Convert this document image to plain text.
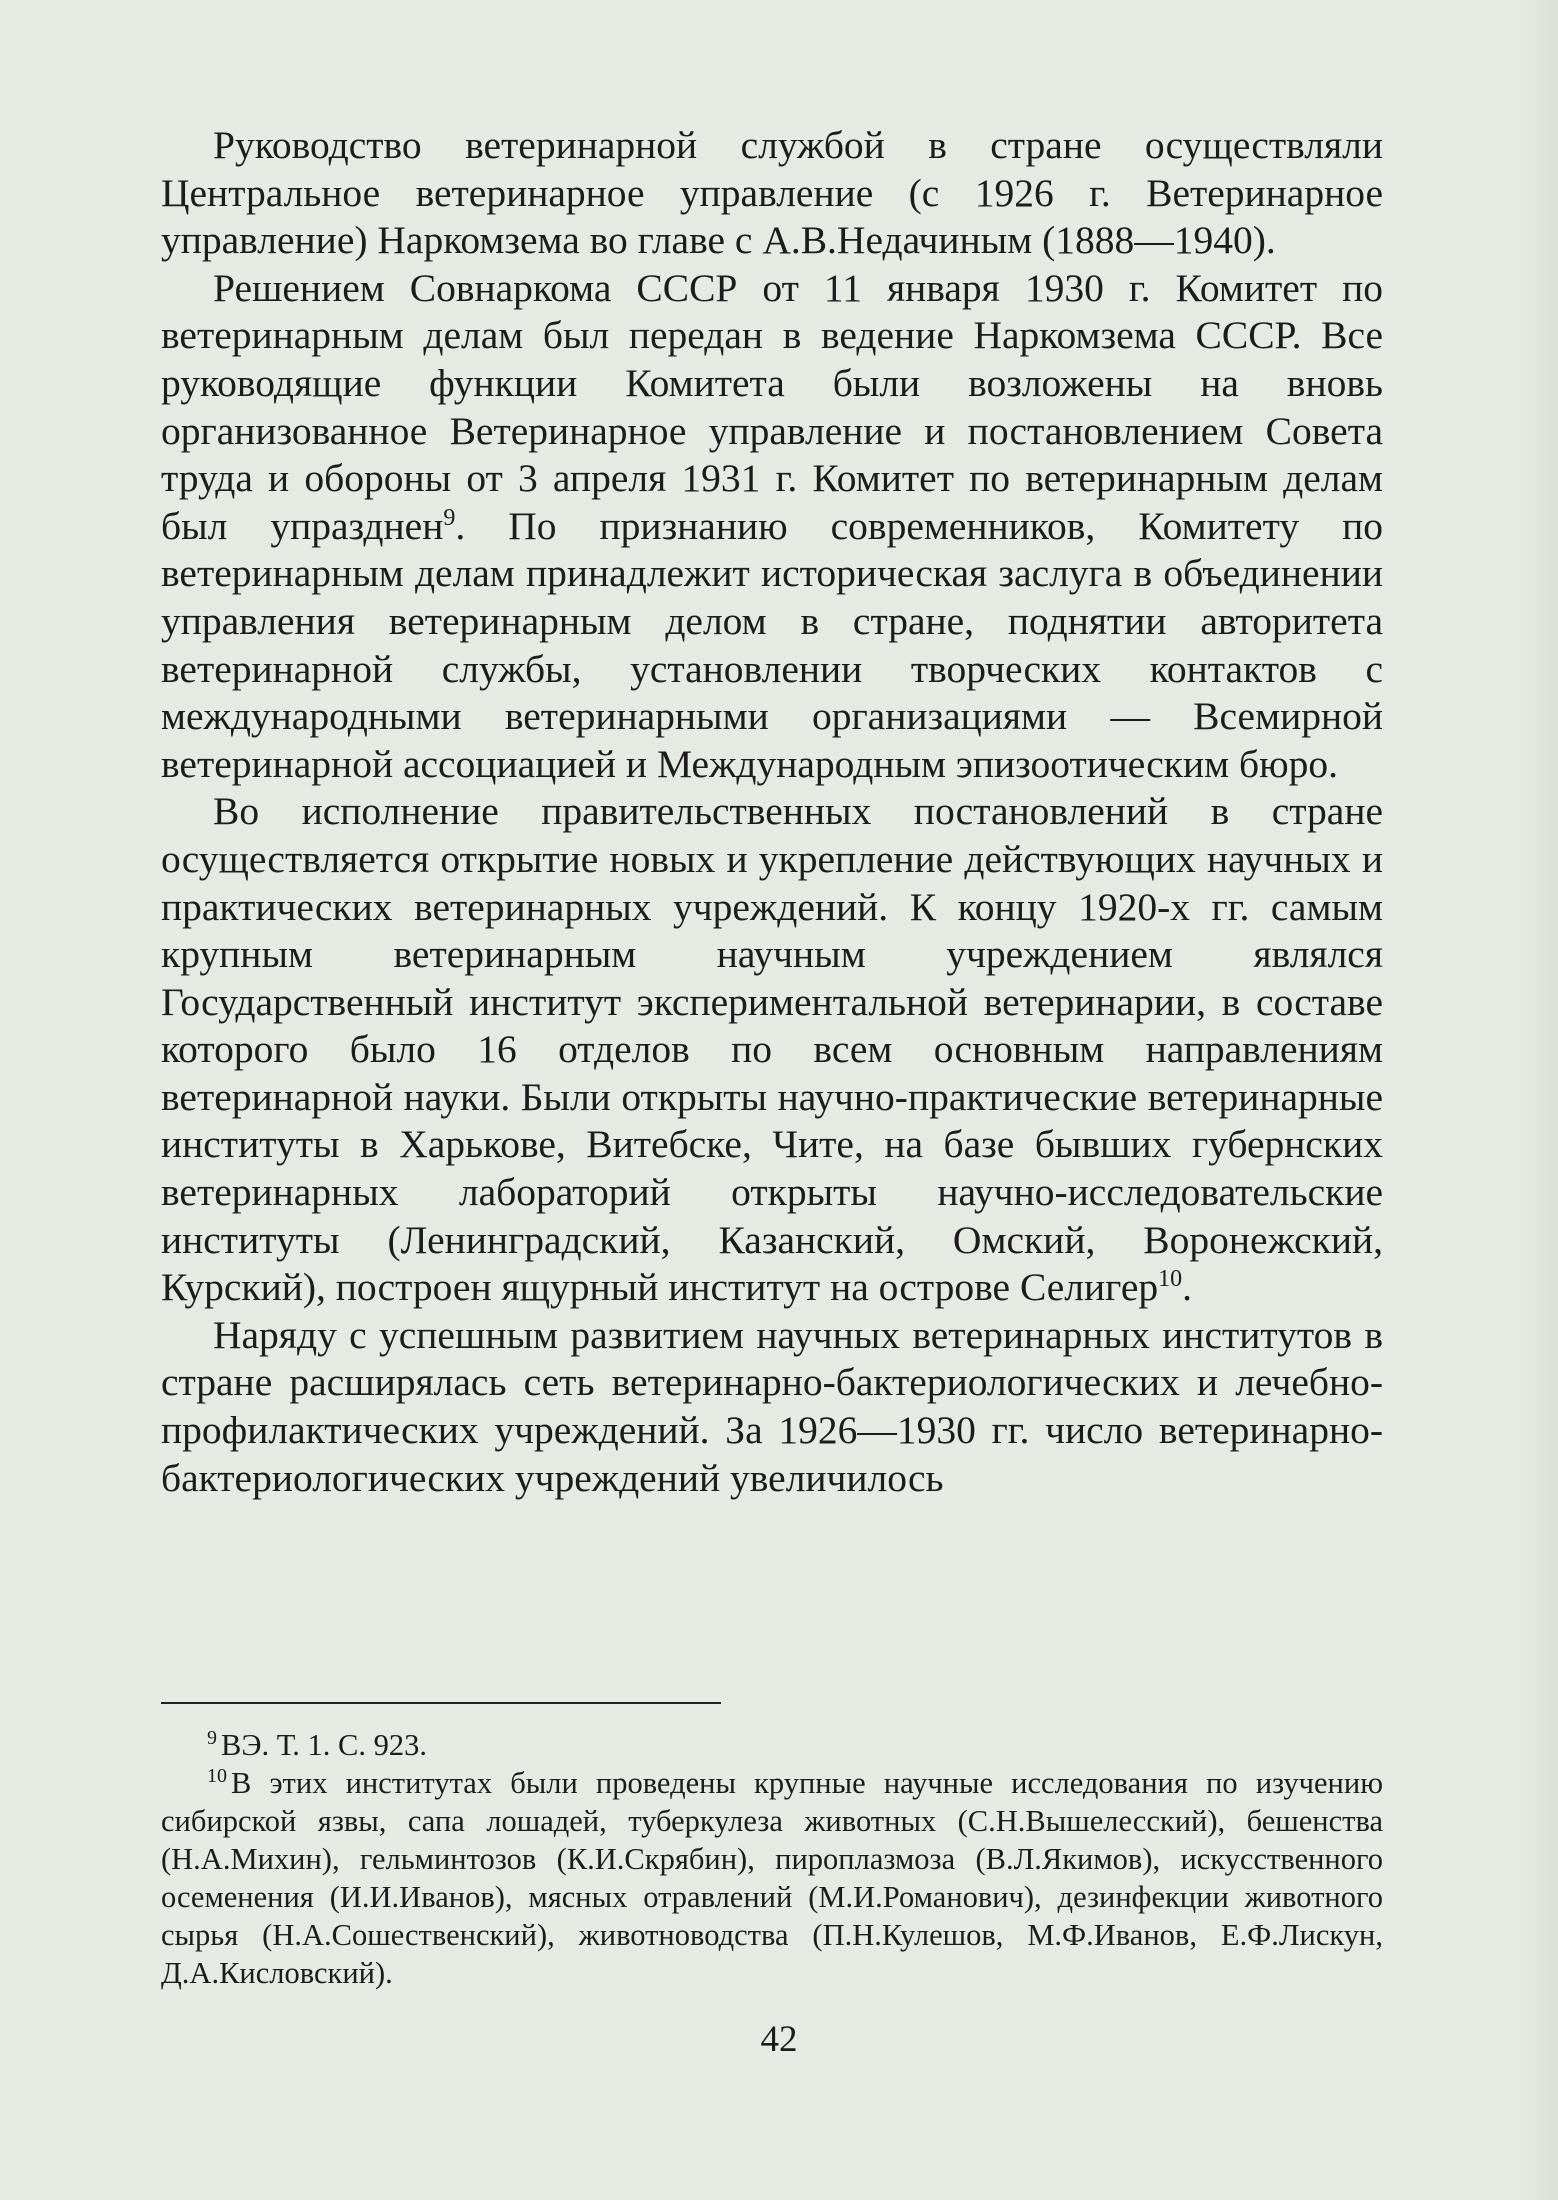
Руководство ветеринарной службой в стране осуществляли Центральное ветеринарное управление (с 1926 г. Ветеринарное управление) Наркомзема во главе с А.В.Недачиным (1888—1940).

Решением Совнаркома СССР от 11 января 1930 г. Комитет по ветеринарным делам был передан в ведение Наркомзема СССР. Все руководящие функции Комитета были возложены на вновь организованное Ветеринарное управление и постановлением Совета труда и обороны от 3 апреля 1931 г. Комитет по ветеринарным делам был упразднен$^9$. По признанию современников, Комитету по ветеринарным делам принадлежит историческая заслуга в объединении управления ветеринарным делом в стране, поднятии авторитета ветеринарной службы, установлении творческих контактов с международными ветеринарными организациями — Всемирной ветеринарной ассоциацией и Международным эпизоотическим бюро.

Во исполнение правительственных постановлений в стране осуществляется открытие новых и укрепление действующих научных и практических ветеринарных учреждений. К концу 1920-х гг. самым крупным ветеринарным научным учреждением являлся Государственный институт экспериментальной ветеринарии, в составе которого было 16 отделов по всем основным направлениям ветеринарной науки. Были открыты научно-практические ветеринарные институты в Харькове, Витебске, Чите, на базе бывших губернских ветеринарных лабораторий открыты научно-исследовательские институты (Ленинградский, Казанский, Омский, Воронежский, Курский), построен ящурный институт на острове Селигер$^{10}$.

Наряду с успешным развитием научных ветеринарных институтов в стране расширялась сеть ветеринарно-бактериологических и лечебно-профилактических учреждений. За 1926—1930 гг. число ветеринарно-бактериологических учреждений увеличилось

$^9$ ВЭ. Т. 1. С. 923.

$^{10}$ В этих институтах были проведены крупные научные исследования по изучению сибирской язвы, сапа лошадей, туберкулеза животных (С.Н.Вышелесский), бешенства (Н.А.Михин), гельминтозов (К.И.Скрябин), пироплазмоза (В.Л.Якимов), искусственного осеменения (И.И.Иванов), мясных отравлений (М.И.Романович), дезинфекции животного сырья (Н.А.Сошественский), животноводства (П.Н.Кулешов, М.Ф.Иванов, Е.Ф.Лискун, Д.А.Кисловский).

42
